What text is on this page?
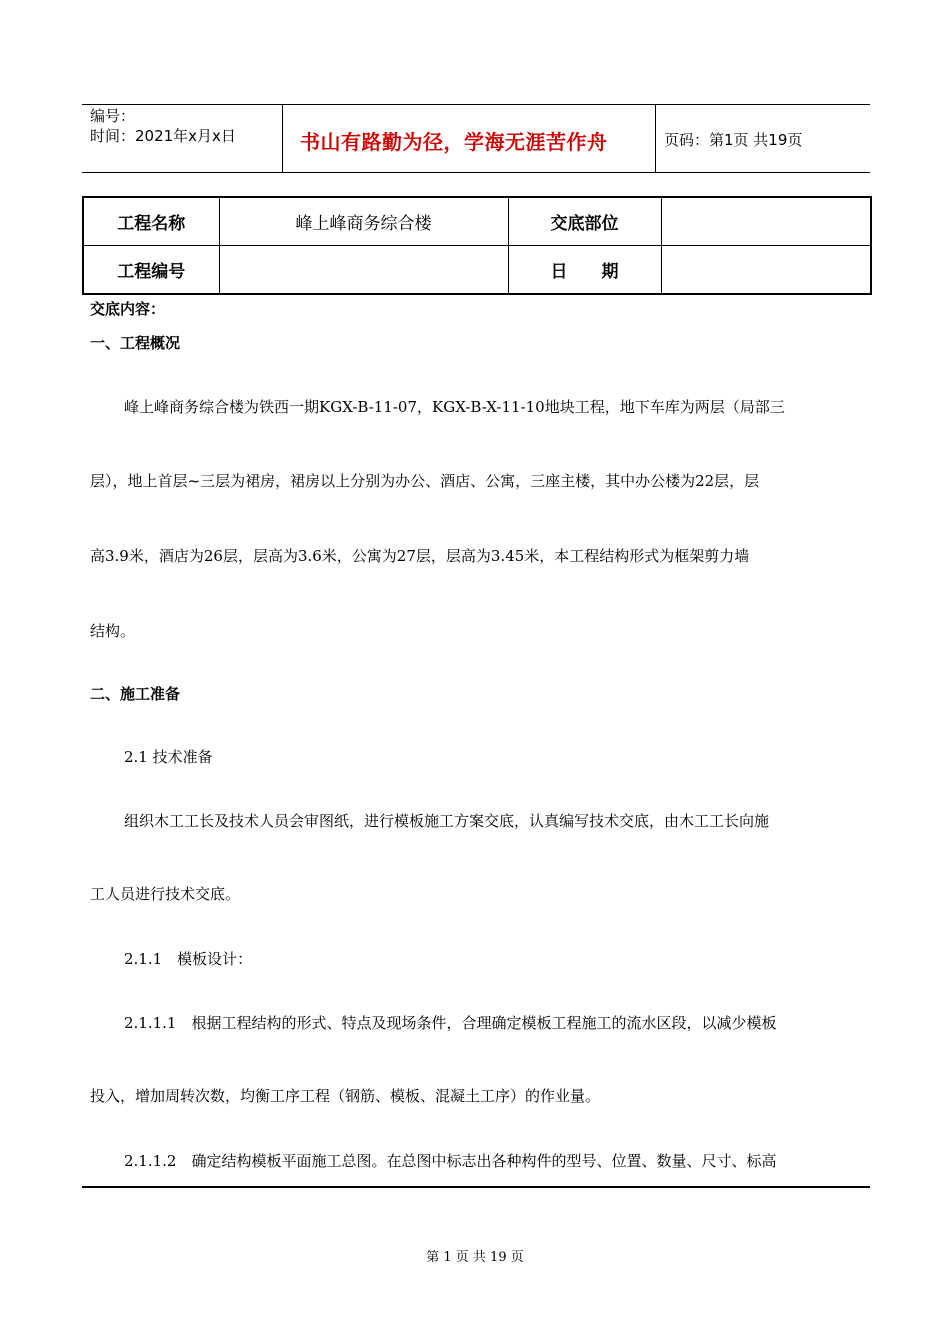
编号：
时间：2021年x月x日	书山有路勤为径，学海无涯苦作舟	页码：第1页 共19页
工程名称	峰上峰商务综合楼	交底部位	
工程编号		日　　期	
交底内容：
一、工程概况
峰上峰商务综合楼为铁西一期KGX-B-11-07，KGX-B-X-11-10地块工程，地下车库为两层（局部三
层），地上首层~三层为裙房，裙房以上分别为办公、酒店、公寓，三座主楼，其中办公楼为22层，层
高3.9米，酒店为26层，层高为3.6米，公寓为27层，层高为3.45米，本工程结构形式为框架剪力墙
结构。
二、施工准备
2.1 技术准备
组织木工工长及技术人员会审图纸，进行模板施工方案交底，认真编写技术交底，由木工工长向施
工人员进行技术交底。
2.1.1　模板设计：
2.1.1.1　根据工程结构的形式、特点及现场条件，合理确定模板工程施工的流水区段，以减少模板
投入，增加周转次数，均衡工序工程（钢筋、模板、混凝土工序）的作业量。
2.1.1.2　确定结构模板平面施工总图。在总图中标志出各种构件的型号、位置、数量、尺寸、标高
第 1 页 共 19 页
